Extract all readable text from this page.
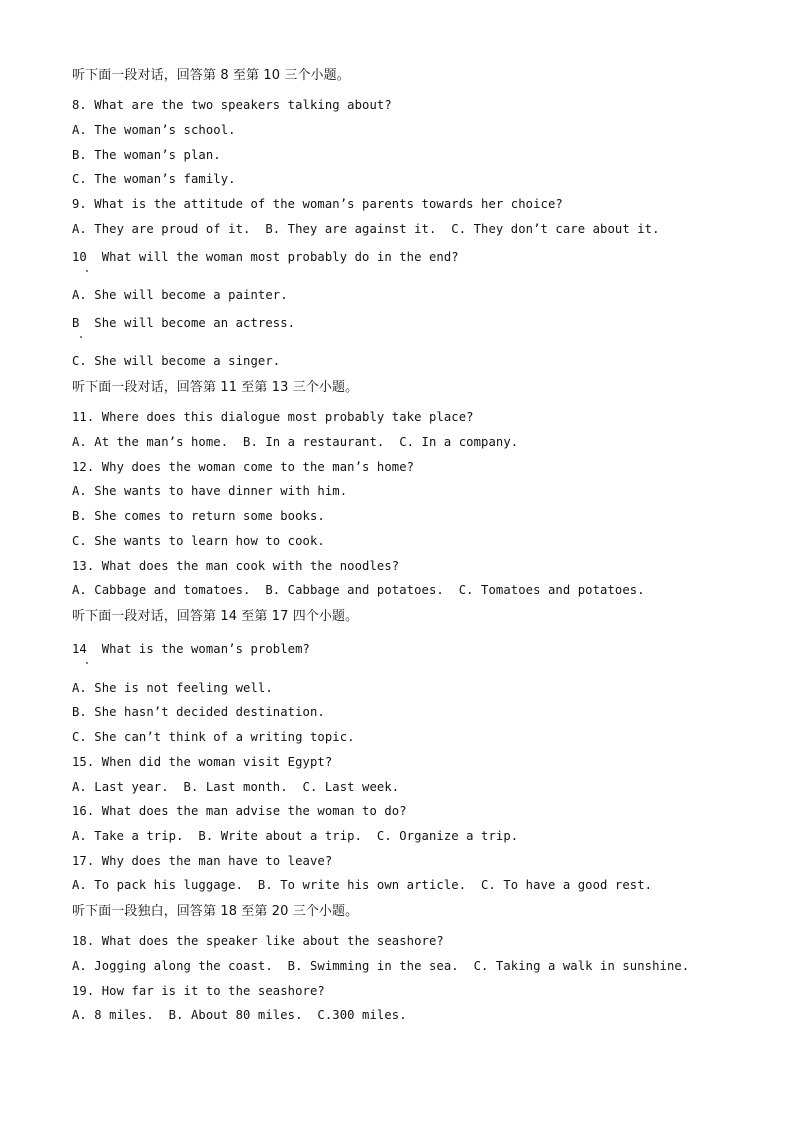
听下面一段对话，回答第 8 至第 10 三个小题。
8. What are the two speakers talking about?
A. The woman’s school.
B. The woman’s plan.
C. The woman’s family.
9. What is the attitude of the woman’s parents towards her choice?
A. They are proud of it.  B. They are against it.  C. They don’t care about it.
10  What will the woman most probably do in the end?
A. She will become a painter.
B  She will become an actress.
C. She will become a singer.
听下面一段对话，回答第 11 至第 13 三个小题。
11. Where does this dialogue most probably take place?
A. At the man’s home.  B. In a restaurant.  C. In a company.
12. Why does the woman come to the man’s home?
A. She wants to have dinner with him.
B. She comes to return some books.
C. She wants to learn how to cook.
13. What does the man cook with the noodles?
A. Cabbage and tomatoes.  B. Cabbage and potatoes.  C. Tomatoes and potatoes.
听下面一段对话，回答第 14 至第 17 四个小题。
14  What is the woman’s problem?
A. She is not feeling well.
B. She hasn’t decided destination.
C. She can’t think of a writing topic.
15. When did the woman visit Egypt?
A. Last year.  B. Last month.  C. Last week.
16. What does the man advise the woman to do?
A. Take a trip.  B. Write about a trip.  C. Organize a trip.
17. Why does the man have to leave?
A. To pack his luggage.  B. To write his own article.  C. To have a good rest.
听下面一段独白，回答第 18 至第 20 三个小题。
18. What does the speaker like about the seashore?
A. Jogging along the coast.  B. Swimming in the sea.  C. Taking a walk in sunshine.
19. How far is it to the seashore?
A. 8 miles.  B. About 80 miles.  C.300 miles.
